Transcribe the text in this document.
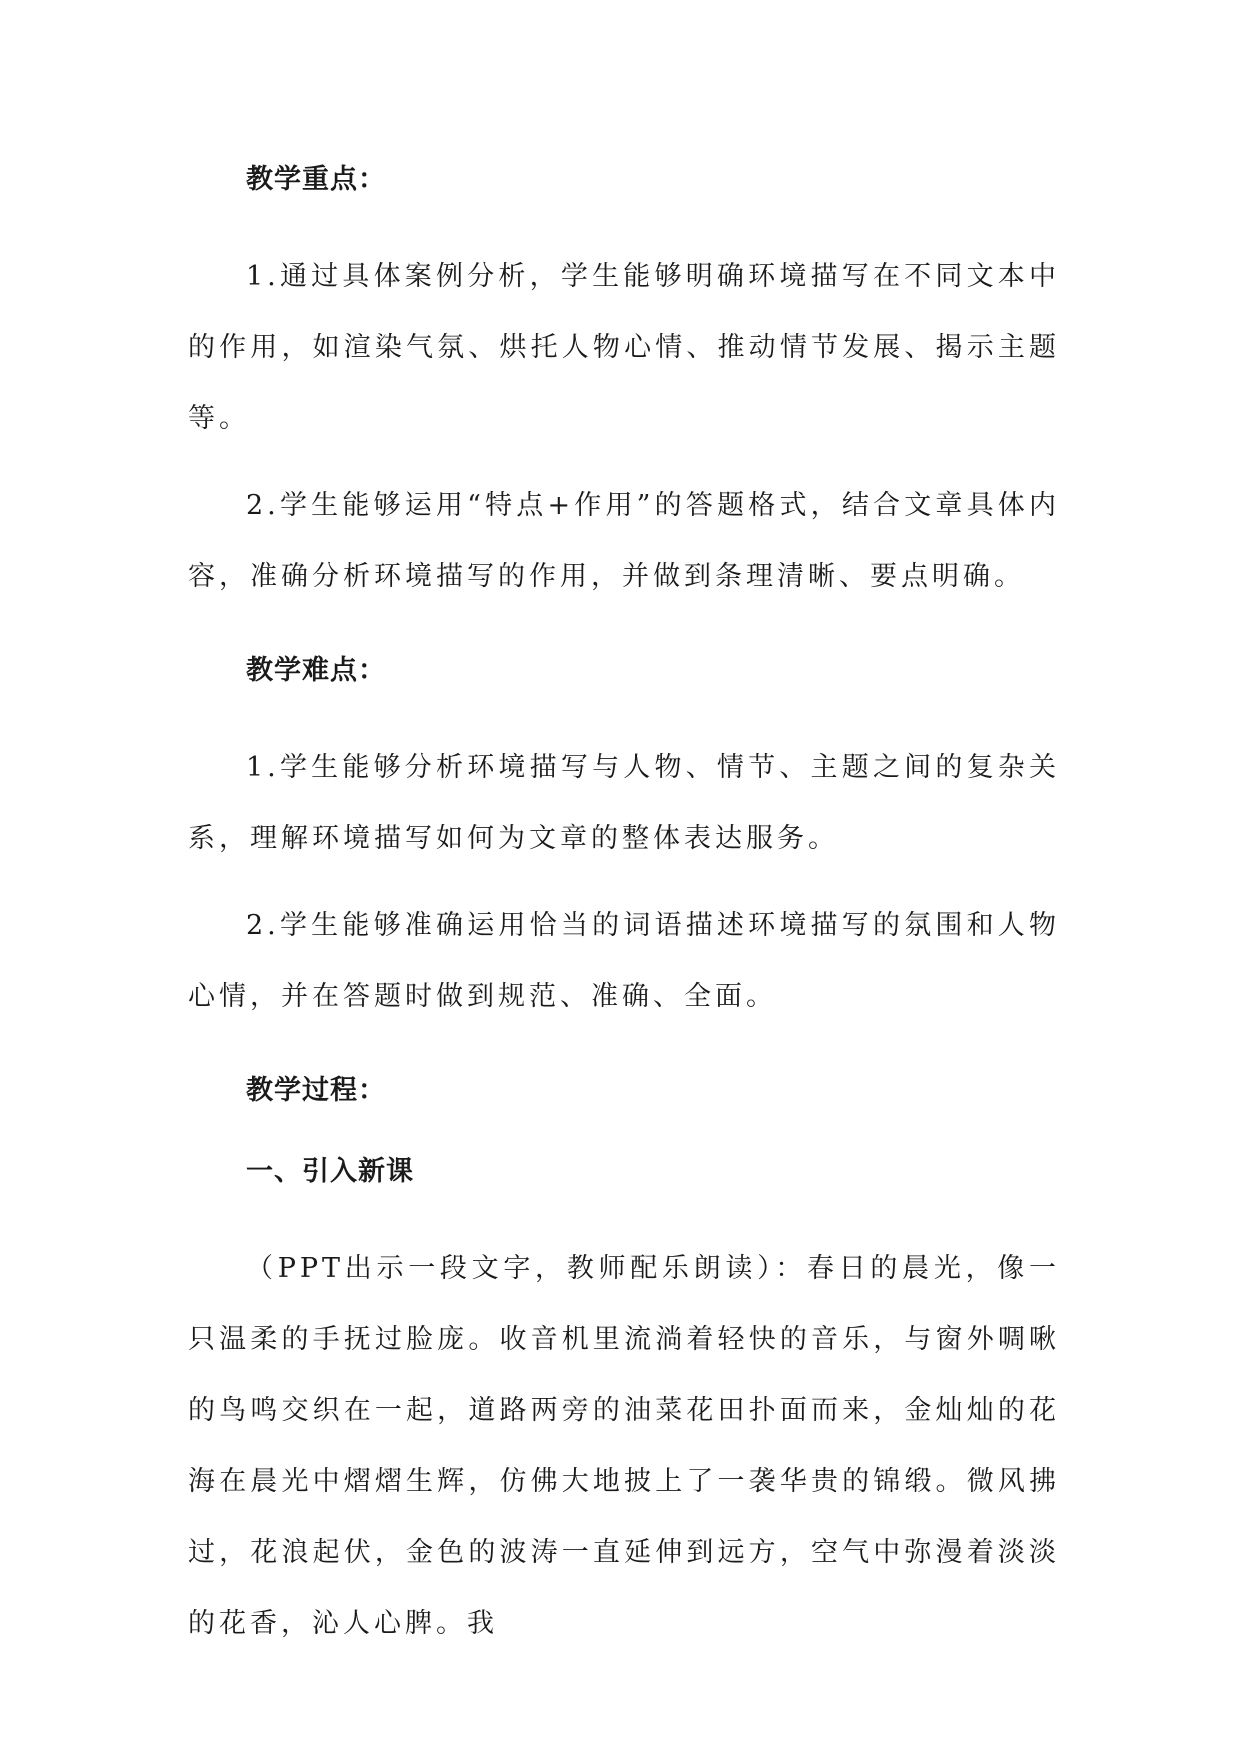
教学重点：

1.通过具体案例分析，学生能够明确环境描写在不同文本中的作用，如渲染气氛、烘托人物心情、推动情节发展、揭示主题等。

2.学生能够运用“特点+作用”的答题格式，结合文章具体内容，准确分析环境描写的作用，并做到条理清晰、要点明确。

教学难点：

1.学生能够分析环境描写与人物、情节、主题之间的复杂关系，理解环境描写如何为文章的整体表达服务。

2.学生能够准确运用恰当的词语描述环境描写的氛围和人物心情，并在答题时做到规范、准确、全面。

教学过程：

一、引入新课

（PPT出示一段文字，教师配乐朗读）：春日的晨光，像一只温柔的手抚过脸庞。收音机里流淌着轻快的音乐，与窗外啁啾的鸟鸣交织在一起，道路两旁的油菜花田扑面而来，金灿灿的花海在晨光中熠熠生辉，仿佛大地披上了一袭华贵的锦缎。微风拂过，花浪起伏，金色的波涛一直延伸到远方，空气中弥漫着淡淡的花香，沁人心脾。我
